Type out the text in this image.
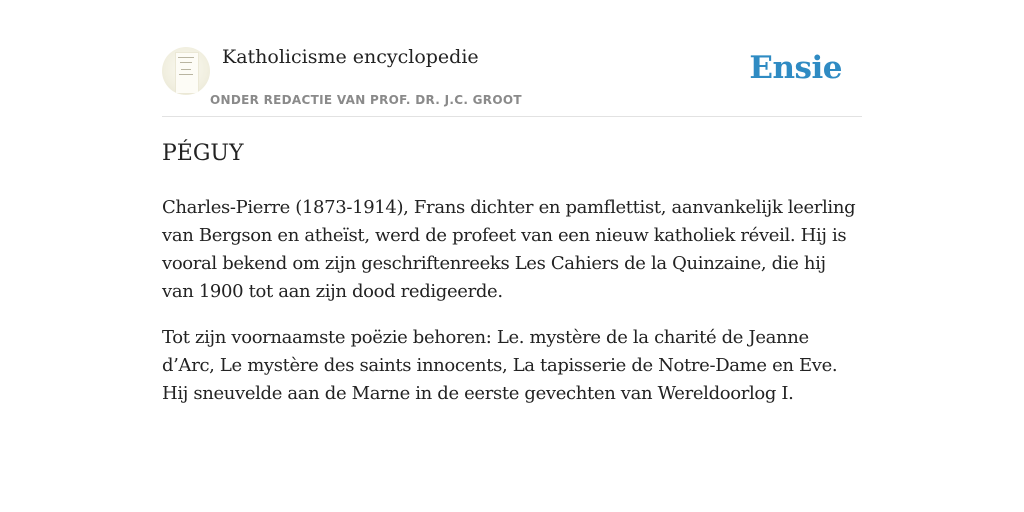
Katholicisme encyclopedie
ONDER REDACTIE VAN PROF. DR. J.C. GROOT
Ensie
PÉGUY

Charles-Pierre (1873-1914), Frans dichter en pamflettist, aanvankelijk leerling van Bergson en atheïst, werd de profeet van een nieuw katholiek réveil. Hij is vooral bekend om zijn geschriftenreeks Les Cahiers de la Quinzaine, die hij van 1900 tot aan zijn dood redigeerde.

Tot zijn voornaamste poëzie behoren: Le. mystère de la charité de Jeanne d’Arc, Le mystère des saints innocents, La tapisserie de Notre-Dame en Eve. Hij sneuvelde aan de Marne in de eerste gevechten van Wereldoorlog I.
